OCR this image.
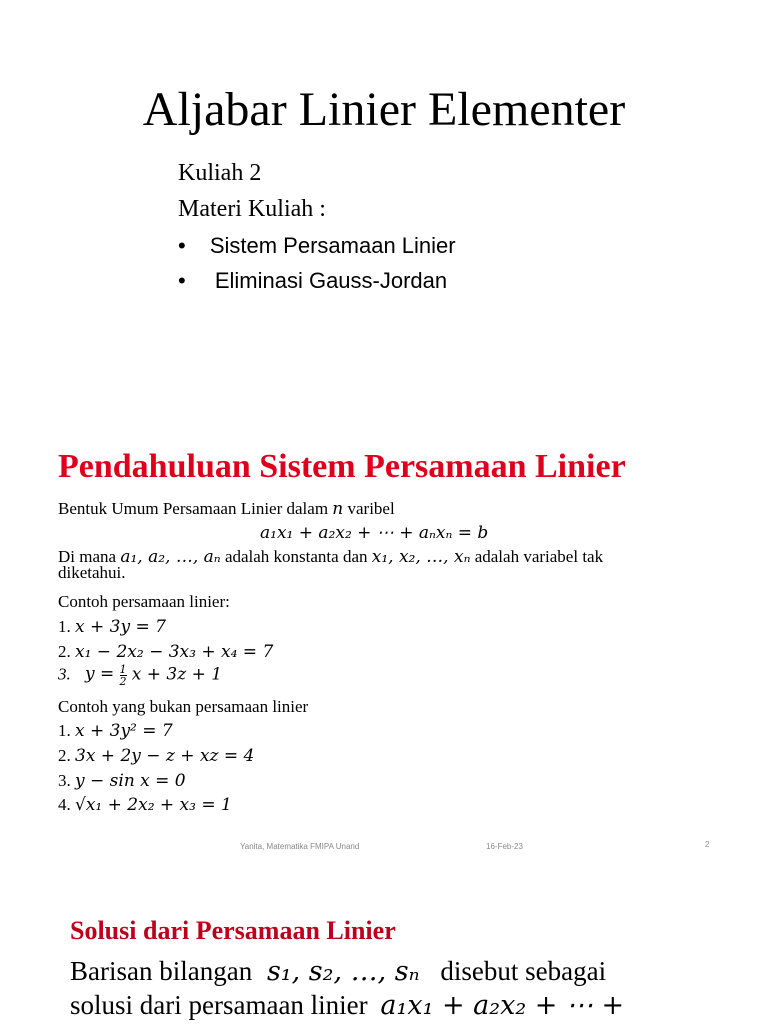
Aljabar Linier Elementer
Kuliah 2
Materi Kuliah :
• Sistem Persamaan Linier
• Eliminasi Gauss-Jordan
Pendahuluan Sistem Persamaan Linier
Bentuk Umum Persamaan Linier dalam n varibel
a₁x₁ + a₂x₂ + ⋯ + aₙxₙ = b
Di mana a₁, a₂, …, aₙ adalah konstanta dan x₁, x₂, …, xₙ adalah variabel tak
diketahui.
Contoh persamaan linier:
1. x + 3y = 7
2. x₁ − 2x₂ − 3x₃ + x₄ = 7
3. $y = \frac{1}{2}$ x + 3z + 1
Contoh yang bukan persamaan linier
1. x + 3y² = 7
2. 3x + 2y − z + xz = 4
3. y − sin x = 0
4. √x₁ + 2x₂ + x₃ = 1
Yanita, Matematika FMIPA Unand	16-Feb-23	2
Solusi dari Persamaan Linier
Barisan bilangan s₁, s₂, …, sₙ disebut sebagai
solusi dari persamaan linier a₁x₁ + a₂x₂ + ⋯ +
